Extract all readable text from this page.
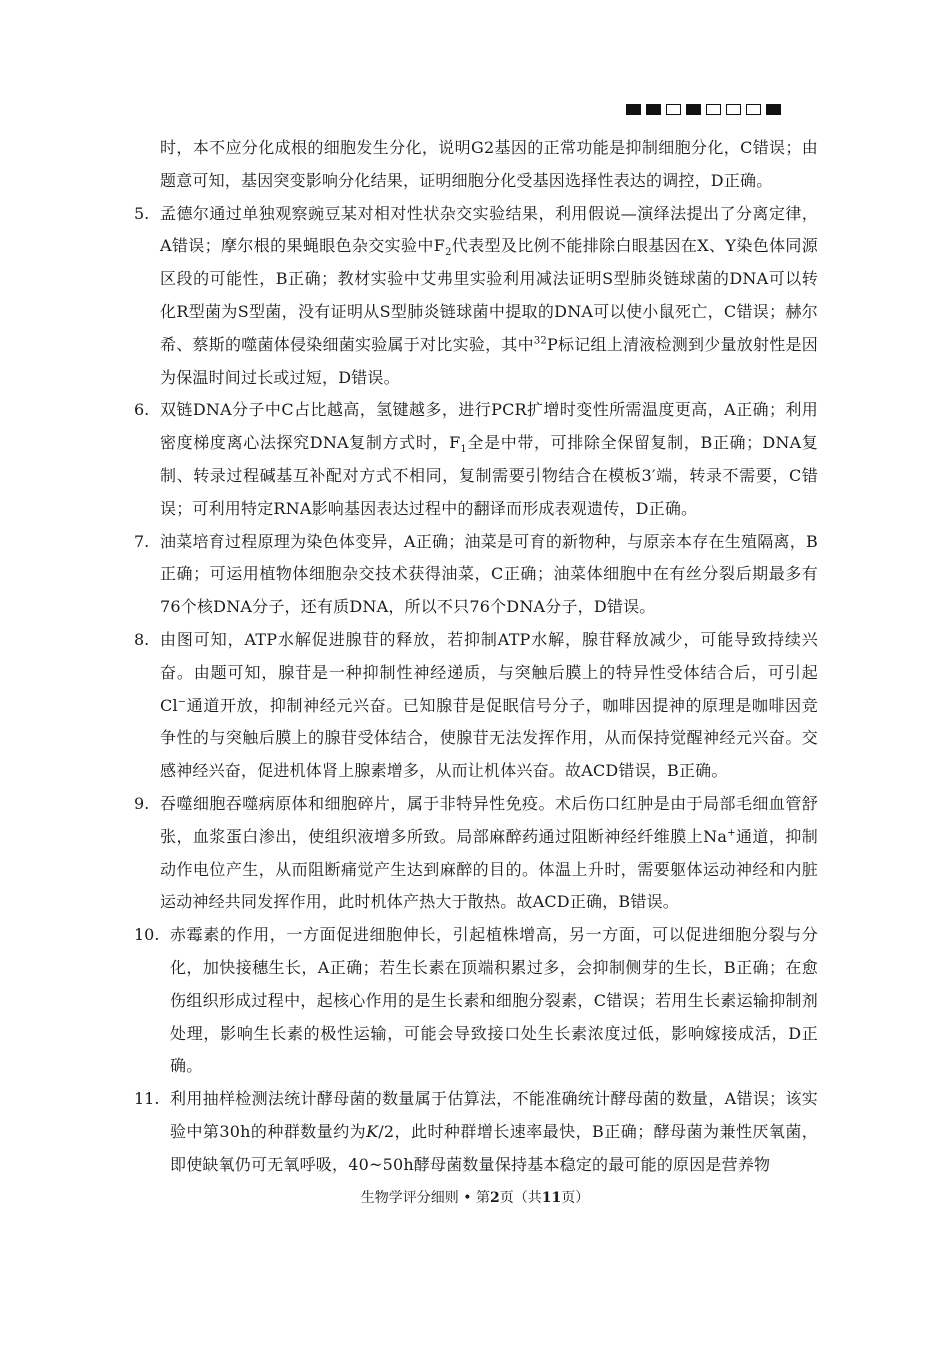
时，本不应分化成根的细胞发生分化，说明G2基因的正常功能是抑制细胞分化，C错误；由题意可知，基因突变影响分化结果，证明细胞分化受基因选择性表达的调控，D正确。
5. 孟德尔通过单独观察豌豆某对相对性状杂交实验结果，利用假说—演绎法提出了分离定律，A错误；摩尔根的果蝇眼色杂交实验中$F_2$代表型及比例不能排除白眼基因在X、Y染色体同源区段的可能性，B正确；教材实验中艾弗里实验利用减法证明S型肺炎链球菌的DNA可以转化R型菌为S型菌，没有证明从S型肺炎链球菌中提取的DNA可以使小鼠死亡，C错误；赫尔希、蔡斯的噬菌体侵染细菌实验属于对比实验，其中$^{32}$P标记组上清液检测到少量放射性是因为保温时间过长或过短，D错误。
6. 双链DNA分子中C占比越高，氢键越多，进行PCR扩增时变性所需温度更高，A正确；利用密度梯度离心法探究DNA复制方式时，$F_1$全是中带，可排除全保留复制，B正确；DNA复制、转录过程碱基互补配对方式不相同，复制需要引物结合在模板3′端，转录不需要，C错误；可利用特定RNA影响基因表达过程中的翻译而形成表观遗传，D正确。
7. 油菜培育过程原理为染色体变异，A正确；油菜是可育的新物种，与原亲本存在生殖隔离，B正确；可运用植物体细胞杂交技术获得油菜，C正确；油菜体细胞中在有丝分裂后期最多有76个核DNA分子，还有质DNA，所以不只76个DNA分子，D错误。
8. 由图可知，ATP水解促进腺苷的释放，若抑制ATP水解，腺苷释放减少，可能导致持续兴奋。由题可知，腺苷是一种抑制性神经递质，与突触后膜上的特异性受体结合后，可引起Cl−通道开放，抑制神经元兴奋。已知腺苷是促眠信号分子，咖啡因提神的原理是咖啡因竞争性的与突触后膜上的腺苷受体结合，使腺苷无法发挥作用，从而保持觉醒神经元兴奋。交感神经兴奋，促进机体肾上腺素增多，从而让机体兴奋。故ACD错误，B正确。
9. 吞噬细胞吞噬病原体和细胞碎片，属于非特异性免疫。术后伤口红肿是由于局部毛细血管舒张，血浆蛋白渗出，使组织液增多所致。局部麻醉药通过阻断神经纤维膜上Na+通道，抑制动作电位产生，从而阻断痛觉产生达到麻醉的目的。体温上升时，需要躯体运动神经和内脏运动神经共同发挥作用，此时机体产热大于散热。故ACD正确，B错误。
10. 赤霉素的作用，一方面促进细胞伸长，引起植株增高，另一方面，可以促进细胞分裂与分化，加快接穗生长，A正确；若生长素在顶端积累过多，会抑制侧芽的生长，B正确；在愈伤组织形成过程中，起核心作用的是生长素和细胞分裂素，C错误；若用生长素运输抑制剂处理，影响生长素的极性运输，可能会导致接口处生长素浓度过低，影响嫁接成活，D正确。
11. 利用抽样检测法统计酵母菌的数量属于估算法，不能准确统计酵母菌的数量，A错误；该实验中第30h的种群数量约为K/2，此时种群增长速率最快，B正确；酵母菌为兼性厌氧菌，即使缺氧仍可无氧呼吸，40~50h酵母菌数量保持基本稳定的最可能的原因是营养物
生物学评分细则 • 第2页（共11页）
